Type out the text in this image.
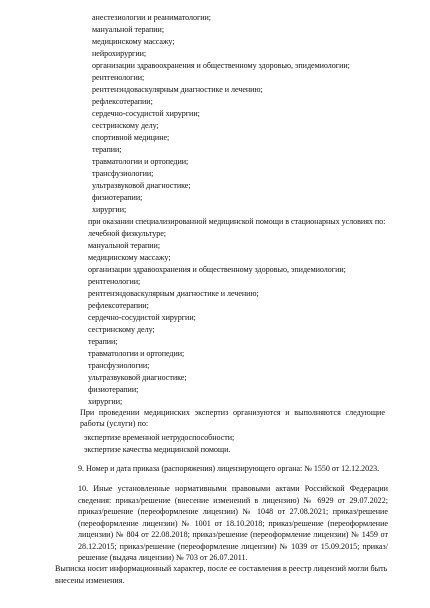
анестезиологии и реаниматологии;
мануальной терапии;
медицинскому массажу;
нейрохирургии;
организации здравоохранения и общественному здоровью, эпидемиологии;
рентгенологии;
рентгенэндоваскулярным диагностике и лечению;
рефлексотерапии;
сердечно-сосудистой хирургии;
сестринскому делу;
спортивной медицине;
терапии;
травматологии и ортопедии;
трансфузиологии;
ультразвуковой диагностике;
физиотерапии;
хирургии;
при оказании специализированной медицинской помощи в стационарных условиях по:
лечебной физкультуре;
мануальной терапии;
медицинскому массажу;
организации здравоохранения и общественному здоровью, эпидемиологии;
рентгенологии;
рентгенэндоваскулярным диагностике и лечению;
рефлексотерапии;
сердечно-сосудистой хирургии;
сестринскому делу;
терапии;
травматологии и ортопедии;
трансфузиологии;
ультразвуковой диагностике;
физиотерапии;
хирургии;

При проведении медицинских экспертиз организуются и выполняются следующие работы (услуги) по:

экспертизе временной нетрудоспособности;
экспертизе качества медицинской помощи.
9. Номер и дата приказа (распоряжения) лицензирующего органа: № 1550 от 12.12.2023.

10. Иные установленные нормативными правовыми актами Российской Федерации сведения: приказ/решение (внесение изменений в лицензию) № 6929 от 29.07.2022; приказ/решение (переоформление лицензии) № 1048 от 27.08.2021; приказ/решение (переоформление лицензии) № 1001 от 18.10.2018; приказ/решение (переоформление лицензии) № 804 от 22.08.2018; приказ/решение (переоформление лицензии) № 1459 от 28.12.2015; приказ/решение (переоформление лицензии) № 1039 от 15.09.2015; приказ/решение (выдача лицензии) № 703 от 26.07.2011.

Выписка носит информационный характер, после ее составления в реестр лицензий могли быть внесены изменения.
